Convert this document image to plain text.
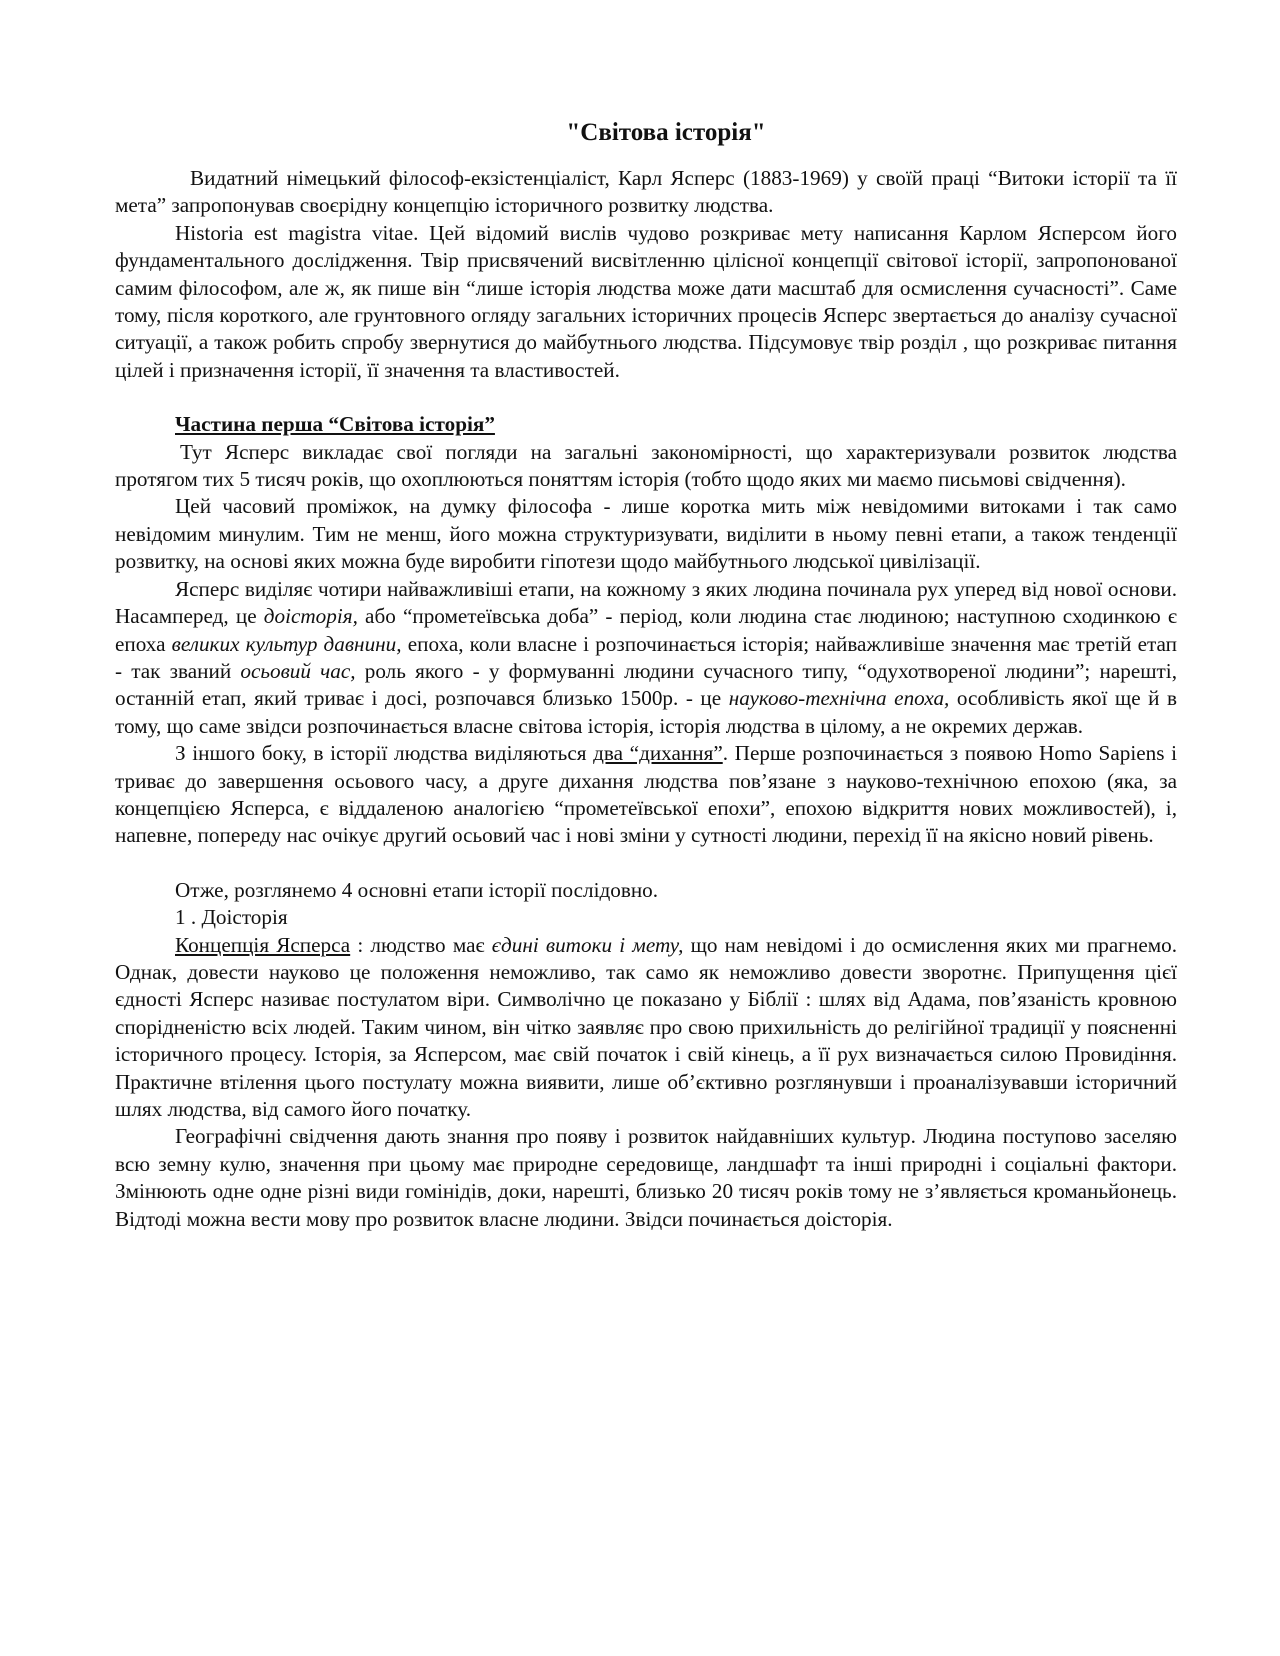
"Світова історія"

Видатний німецький філософ-екзістенціаліст, Карл Ясперс (1883-1969) у своїй праці “Витоки історії та її мета” запропонував своєрідну концепцію історичного розвитку людства.

Historia est magistra vitae. Цей відомий вислів чудово розкриває мету написання Карлом Ясперсом його фундаментального дослідження. Твір присвячений висвітленню цілісної концепції світової історії, запропонованої самим філософом, але ж, як пише він “лише історія людства може дати масштаб для осмислення сучасності”. Саме тому, після короткого, але грунтовного огляду загальних історичних процесів Ясперс звертається до аналізу сучасної ситуації, а також робить спробу звернутися до майбутнього людства. Підсумовує твір розділ , що розкриває питання цілей і призначення історії, її значення та властивостей.

Частина перша “Світова історія”

Тут Ясперс викладає свої погляди на загальні закономірності, що характеризували розвиток людства протягом тих 5 тисяч років, що охоплюються поняттям історія (тобто щодо яких ми маємо письмові свідчення).

Цей часовий проміжок, на думку філософа - лише коротка мить між невідомими витоками і так само невідомим минулим. Тим не менш, його можна структуризувати, виділити в ньому певні етапи, а також тенденції розвитку, на основі яких можна буде виробити гіпотези щодо майбутнього людської цивілізації.

Ясперс виділяє чотири найважливіші етапи, на кожному з яких людина починала рух уперед від нової основи. Насамперед, це доісторія, або “прометеївська доба” - період, коли людина стає людиною; наступною сходинкою є епоха великих культур давнини, епоха, коли власне і розпочинається історія; найважливіше значення має третій етап - так званий осьовий час, роль якого - у формуванні людини сучасного типу, “одухотвореної людини”; нарешті, останній етап, який триває і досі, розпочався близько 1500р. - це науково-технічна епоха, особливість якої ще й в тому, що саме звідси розпочинається власне світова історія, історія людства в цілому, а не окремих держав.

З іншого боку, в історії людства виділяються два “дихання”. Перше розпочинається з появою Homo Sapiens і триває до завершення осьового часу, а друге дихання людства пов’язане з науково-технічною епохою (яка, за концепцією Ясперса, є віддаленою аналогією “прометеївської епохи”, епохою відкриття нових можливостей), і, напевне, попереду нас очікує другий осьовий час і нові зміни у сутності людини, перехід її на якісно новий рівень.

Отже, розглянемо 4 основні етапи історії послідовно.

1 . Доісторія

Концепція Ясперса : людство має єдині витоки і мету, що нам невідомі і до осмислення яких ми прагнемо. Однак, довести науково це положення неможливо, так само як неможливо довести зворотнє. Припущення цієї єдності Ясперс називає постулатом віри. Символічно це показано у Біблії : шлях від Адама, пов’язаність кровною спорідненістю всіх людей. Таким чином, він чітко заявляє про свою прихильність до релігійної традиції у поясненні історичного процесу. Історія, за Ясперсом, має свій початок і свій кінець, а її рух визначається силою Провидіння. Практичне втілення цього постулату можна виявити, лише об’єктивно розглянувши і проаналізувавши історичний шлях людства, від самого його початку.

Географічні свідчення дають знання про появу і розвиток найдавніших культур. Людина поступово заселяю всю земну кулю, значення при цьому має природне середовище, ландшафт та інші природні і соціальні фактори. Змінюють одне одне різні види гомінідів, доки, нарешті, близько 20 тисяч років тому не з’являється кроманьйонець. Відтоді можна вести мову про розвиток власне людини. Звідси починається доісторія.
